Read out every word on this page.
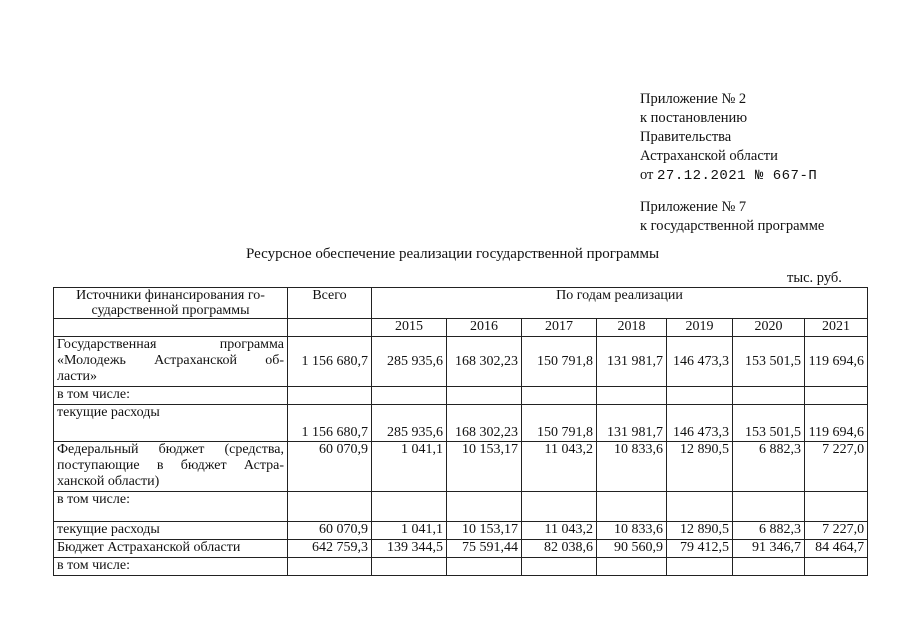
Приложение № 2
к постановлению
Правительства
Астраханской области
от 27.12.2021 № 667-П
Приложение № 7
к государственной программе
Ресурсное обеспечение реализации государственной программы
тыс. руб.
Источники финансирования го-сударственной программы	Всего	По годам реализации						
		2015	2016	2017	2018	2019	2020	2021

Государственная программа
«Молодежь Астраханской об-
ласти»	1 156 680,7	285 935,6	168 302,23	150 791,8	131 981,7	146 473,3	153 501,5	119 694,6

в том числе:								

текущие расходы	1 156 680,7	285 935,6	168 302,23	150 791,8	131 981,7	146 473,3	153 501,5	119 694,6

Федеральный бюджет (средства,
поступающие в бюджет Астра-
ханской области)	60 070,9	1 041,1	10 153,17	11 043,2	10 833,6	12 890,5	6 882,3	7 227,0

в том числе:								

текущие расходы	60 070,9	1 041,1	10 153,17	11 043,2	10 833,6	12 890,5	6 882,3	7 227,0

Бюджет Астраханской области	642 759,3	139 344,5	75 591,44	82 038,6	90 560,9	79 412,5	91 346,7	84 464,7

в том числе:								
